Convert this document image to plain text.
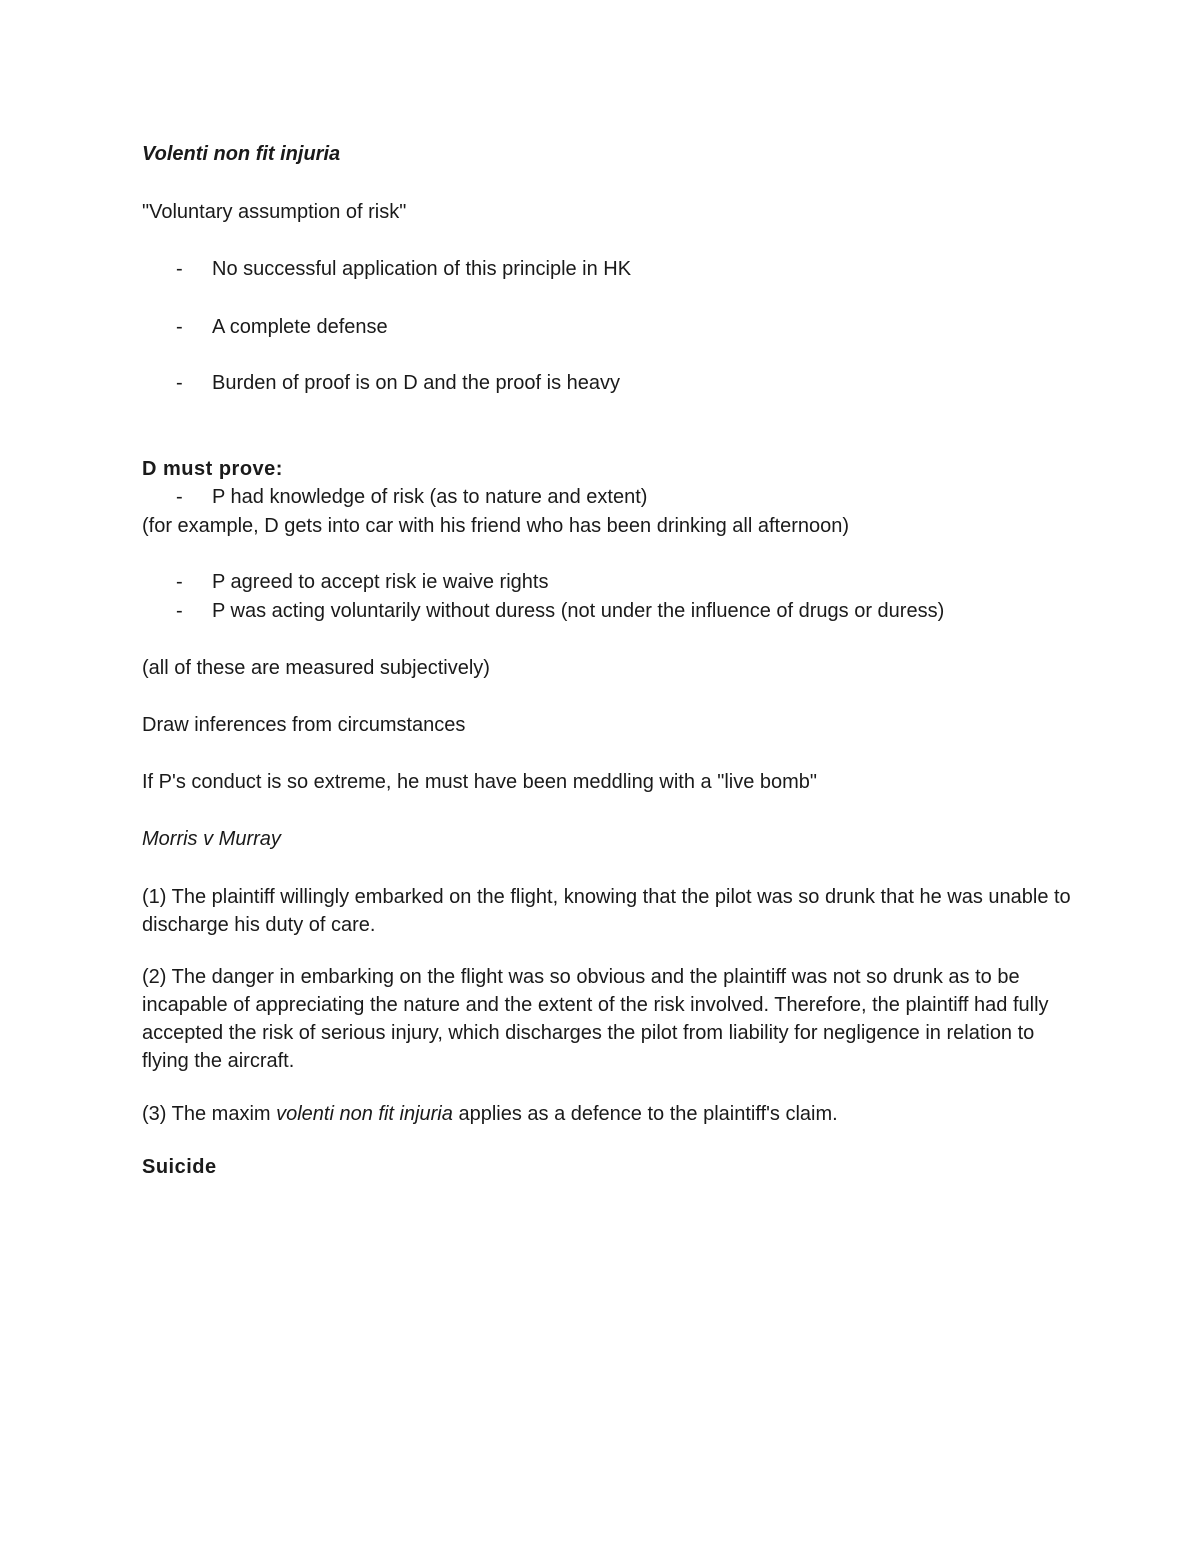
Volenti non fit injuria
"Voluntary assumption of risk"
- No successful application of this principle in HK
- A complete defense
- Burden of proof is on D and the proof is heavy
D must prove:
- P had knowledge of risk (as to nature and extent)
(for example, D gets into car with his friend who has been drinking all afternoon)
- P agreed to accept risk ie waive rights
- P was acting voluntarily without duress (not under the influence of drugs or duress)
(all of these are measured subjectively)
Draw inferences from circumstances
If P's conduct is so extreme, he must have been meddling with a "live bomb"
Morris v Murray
(1) The plaintiff willingly embarked on the flight, knowing that the pilot was so drunk that he was unable to discharge his duty of care.
(2) The danger in embarking on the flight was so obvious and the plaintiff was not so drunk as to be incapable of appreciating the nature and the extent of the risk involved. Therefore, the plaintiff had fully accepted the risk of serious injury, which discharges the pilot from liability for negligence in relation to flying the aircraft.
(3) The maxim volenti non fit injuria applies as a defence to the plaintiff's claim.
Suicide
